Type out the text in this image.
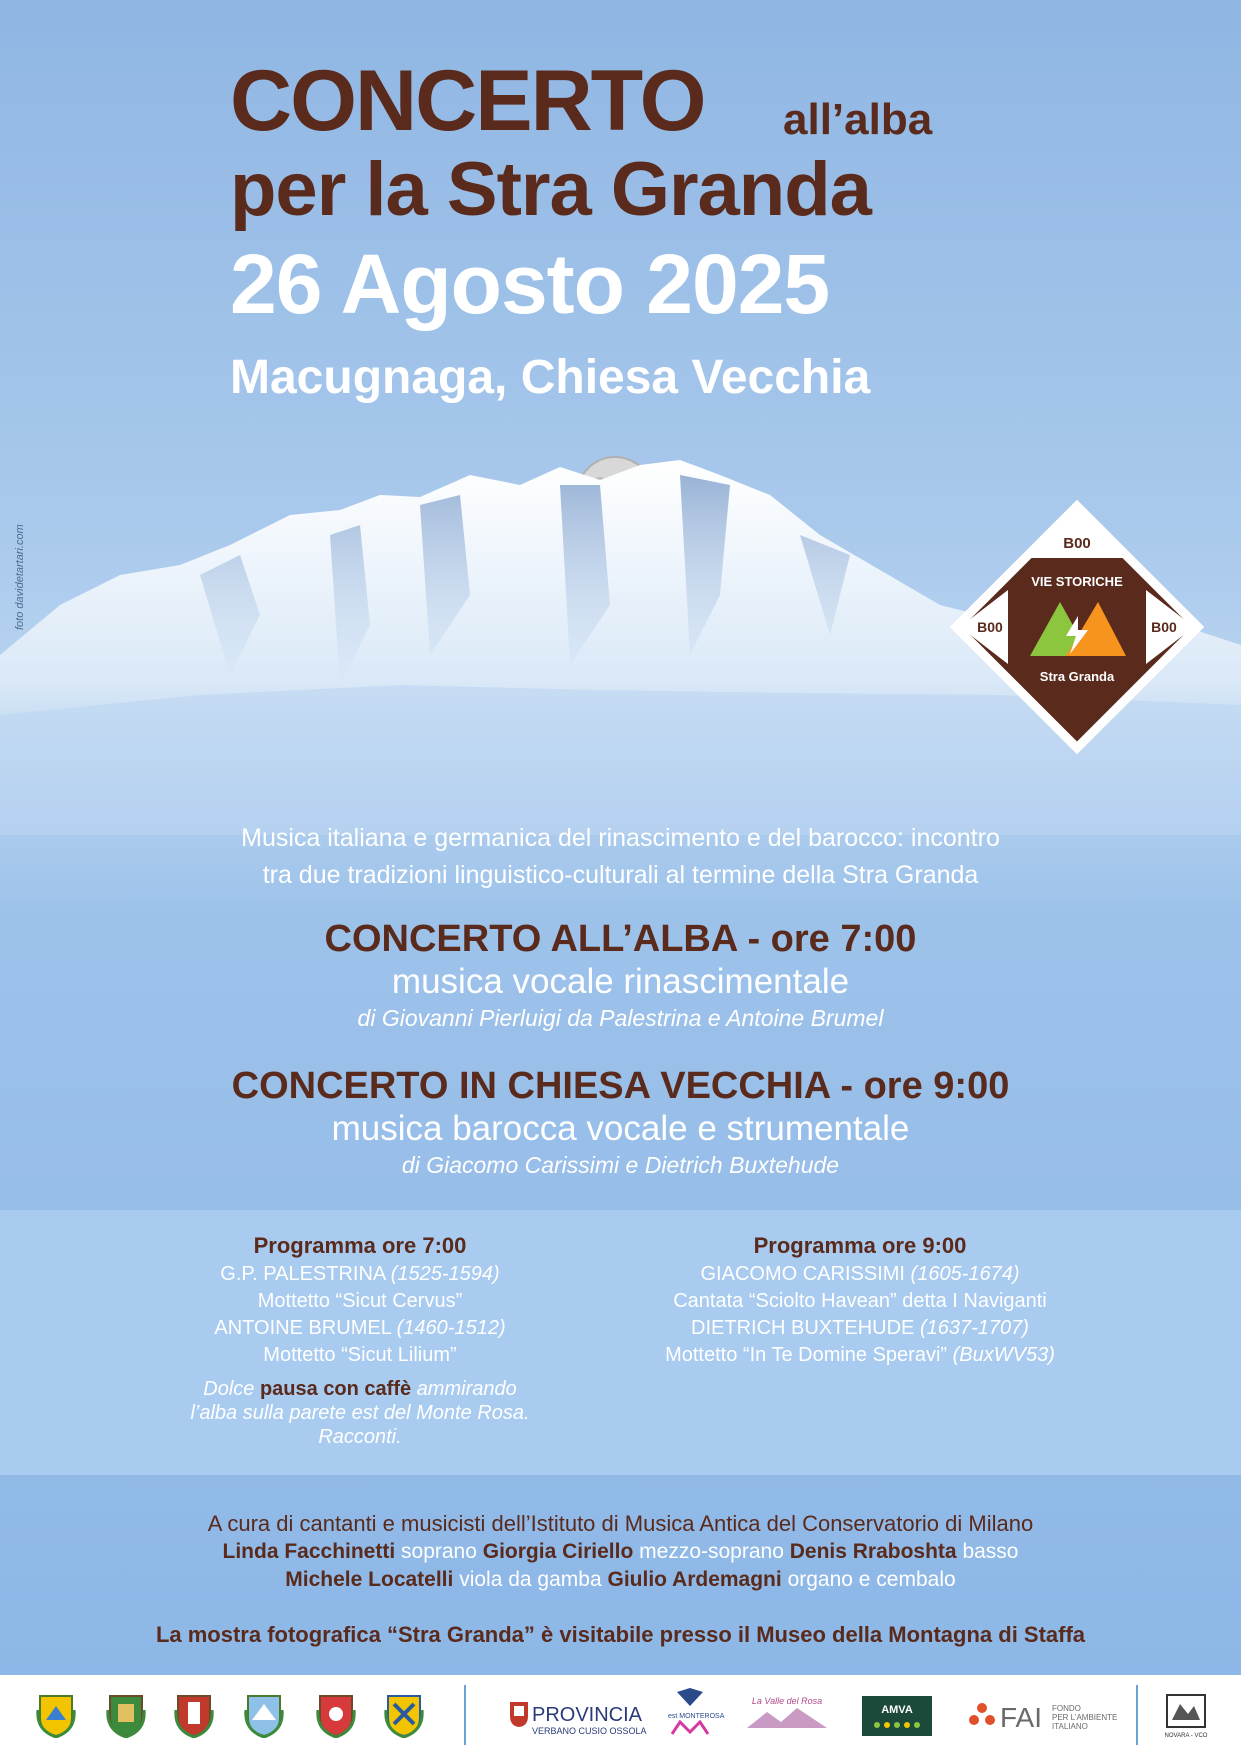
CONCERTO all’alba
per la Stra Granda
26 Agosto 2025
Macugnaga, Chiesa Vecchia
foto davidetartari.com	B00
B00	B00
VIE STORICHE
Stra Granda
Musica italiana e germanica del rinascimento e del barocco: incontro
tra due tradizioni linguistico-culturali al termine della Stra Granda
CONCERTO ALL’ALBA - ore 7:00
musica vocale rinascimentale
di Giovanni Pierluigi da Palestrina e Antoine Brumel
CONCERTO IN CHIESA VECCHIA - ore 9:00
musica barocca vocale e strumentale
di Giacomo Carissimi e Dietrich Buxtehude
Programma ore 7:00
G.P. PALESTRINA (1525-1594)
Mottetto “Sicut Cervus”
ANTOINE BRUMEL (1460-1512)
Mottetto “Sicut Lilium”
Dolce pausa con caffè ammirando
l’alba sulla parete est del Monte Rosa.
Racconti.
Programma ore 9:00
GIACOMO CARISSIMI (1605-1674)
Cantata “Sciolto Havean” detta I Naviganti
DIETRICH BUXTEHUDE (1637-1707)
Mottetto “In Te Domine Speravi” (BuxWV53)
A cura di cantanti e musicisti dell’Istituto di Musica Antica del Conservatorio di Milano
Linda Facchinetti soprano Giorgia Ciriello mezzo-soprano Denis Rraboshta basso
Michele Locatelli viola da gamba Giulio Ardemagni organo e cembalo
La mostra fotografica “Stra Granda” è visitabile presso il Museo della Montagna di Staffa
PROVINCIA
VERBANO CUSIO OSSOLA
est MONTEROSA
La Valle del Rosa
AMVA	FAI FONDO
PER L’AMBIENTE
ITALIANO
NOVARA - VCO
